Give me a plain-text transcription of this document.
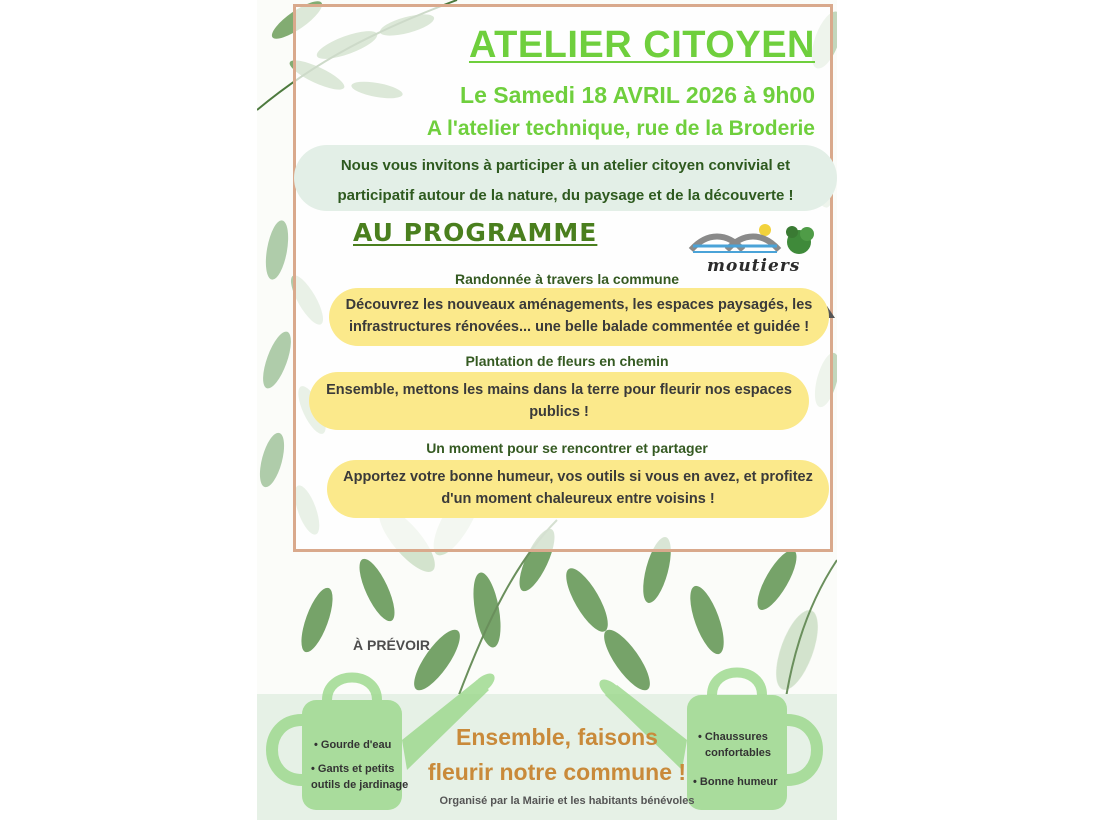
ATELIER CITOYEN
Le Samedi 18 AVRIL 2026 à 9h00
A l'atelier technique, rue de la Broderie
Nous vous invitons à participer à un atelier citoyen convivial et
participatif autour de la nature, du paysage et de la découverte !
AU PROGRAMME
moutiers
Randonnée à travers la commune
Découvrez les nouveaux aménagements, les espaces paysagés, les
infrastructures rénovées... une belle balade commentée et guidée !
Plantation de fleurs en chemin
Ensemble, mettons les mains dans la terre pour fleurir nos espaces
publics !
Un moment pour se rencontrer et partager
Apportez votre bonne humeur, vos outils si vous en avez, et profitez
d'un moment chaleureux entre voisins !
À PRÉVOIR
• Gourde d'eau
• Gants et petits
outils de jardinage
• Chaussures
confortables
• Bonne humeur
Ensemble, faisons
fleurir notre commune !
Organisé par la Mairie et les habitants bénévoles
